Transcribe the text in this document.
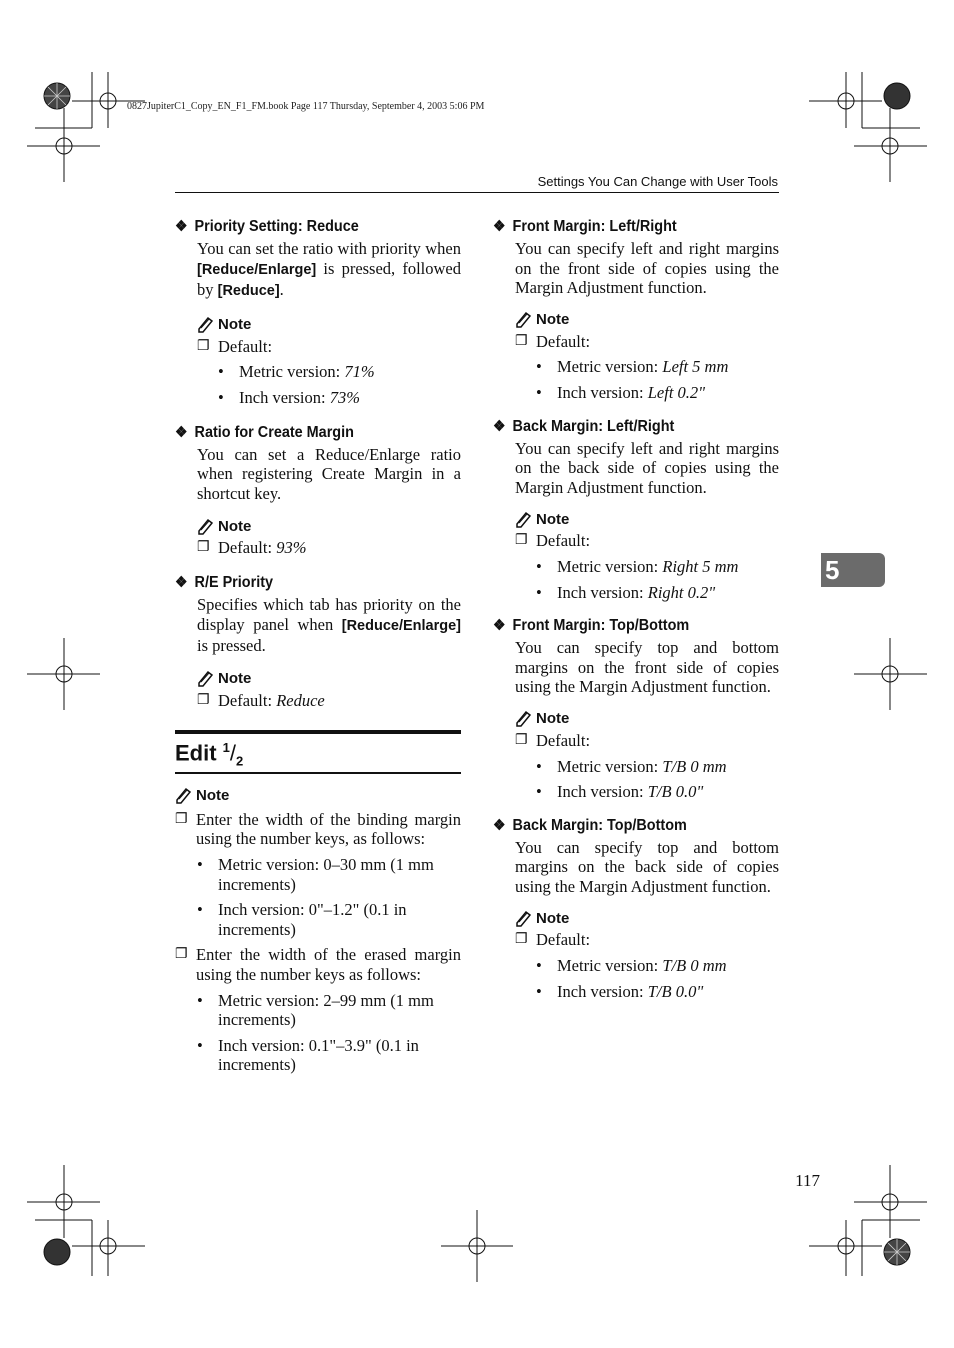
0827JupiterC1_Copy_EN_F1_FM.book Page 117 Thursday, September 4, 2003 5:06 PM
Settings You Can Change with User Tools
❖ Priority Setting: Reduce
You can set the ratio with priority when [Reduce/Enlarge] is pressed, followed by [Reduce].
Note
❐ Default:
• Metric version: 71%
• Inch version: 73%
❖ Ratio for Create Margin
You can set a Reduce/Enlarge ratio when registering Create Margin in a shortcut key.
Note
❐ Default: 93%
❖ R/E Priority
Specifies which tab has priority on the display panel when [Reduce/Enlarge] is pressed.
Note
❐ Default: Reduce
Edit $^1/_2$
Note
❐ Enter the width of the binding margin using the number keys, as follows:
• Metric version: 0–30 mm (1 mm increments)
• Inch version: 0"–1.2" (0.1 in increments)
❐ Enter the width of the erased margin using the number keys as follows:
• Metric version: 2–99 mm (1 mm increments)
• Inch version: 0.1"–3.9" (0.1 in increments)
❖ Front Margin: Left/Right
You can specify left and right margins on the front side of copies using the Margin Adjustment function.
Note
❐ Default:
• Metric version: Left 5 mm
• Inch version: Left 0.2"
❖ Back Margin: Left/Right
You can specify left and right margins on the back side of copies using the Margin Adjustment function.
Note
❐ Default:
• Metric version: Right 5 mm
• Inch version: Right 0.2"
❖ Front Margin: Top/Bottom
You can specify top and bottom margins on the front side of copies using the Margin Adjustment function.
Note
❐ Default:
• Metric version: T/B 0 mm
• Inch version: T/B 0.0"
❖ Back Margin: Top/Bottom
You can specify top and bottom margins on the back side of copies using the Margin Adjustment function.
Note
❐ Default:
• Metric version: T/B 0 mm
• Inch version: T/B 0.0"
5
117
